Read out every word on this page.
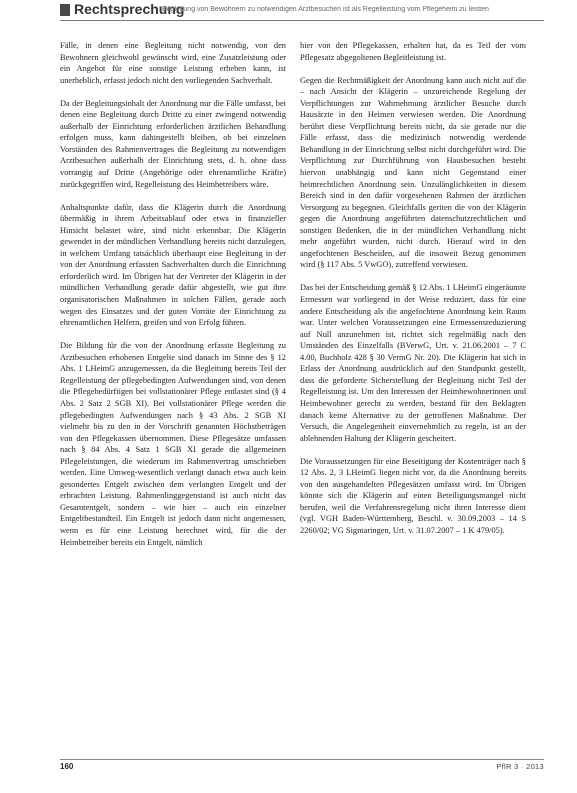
Rechtsprechung
Begleitung von Bewohnern zu notwendigen Arztbesuchen ist als Regelleistung vom Pflegeheim zu leisten

Fälle, in denen eine Begleitung nicht notwendig, von den Bewohnern gleichwohl gewünscht wird, eine Zusatzleistung oder ein Angebot für eine sonstige Leistung erheben kann, ist unerheblich, erfasst jedoch nicht den vorliegenden Sachverhalt.

Da der Begleitungsinhalt der Anordnung nur die Fälle umfasst, bei denen eine Begleitung durch Dritte zu einer zwingend notwendig außerhalb der Einrichtung erforderlichen ärztlichen Behandlung erfolgen muss, kann dahingestellt bleiben, ob bei einzelnen Vorständen des Rahmenvertrages die Begleitung zu notwendigen Arztbesuchen außerhalb der Einrichtung stets, d. h. ohne dass vorrangig auf Dritte (Angehörige oder ehrenamtliche Kräfte) zurückgegriffen wird, Regelleistung des Heimbetreibers wäre.

Anhaltspunkte dafür, dass die Klägerin durch die Anordnung übermäßig in ihrem Arbeitsablauf oder etwa in finanzieller Hinsicht belastet wäre, sind nicht erkennbar. Die Klägerin gewendet in der mündlichen Verhandlung bereits nicht darzulegen, in welchem Umfang tatsächlich überhaupt eine Begleitung in der von der Anordnung erfassten Sachverhalten durch die Einrichtung erforderlich wird. Im Übrigen hat der Vertreter der Klägerin in der mündlichen Verhandlung gerade dafür abgestellt, wie gut ihre organisatorischen Maßnahmen in solchen Fällen, gerade auch wegen des Einsatzes und der guten Vorräte der Einrichtung zu ehrenamtlichen Helfern, greifen und von Erfolg führen.

Die Bildung für die von der Anordnung erfasste Begleitung zu Arztbesuchen erhobenen Entgelte sind danach im Sinne des § 12 Abs. 1 LHeimG anzugemessen, da die Begleitung bereits Teil der Regelleistung der pflegebedingten Aufwendungen sind, von denen die Pflegebedürftigen bei vollstationärer Pflege entlastet sind (§ 4 Abs. 2 Satz 2 SGB XI). Bei vollstationärer Pflege werden die pflegebedingten Aufwendungen nach § 43 Abs. 2 SGB XI vielmehr bis zu den in der Vorschrift genannten Höchstbeträgen von den Pflegekassen übernommen. Diese Pflegesätze umfassen nach § 84 Abs. 4 Satz 1 SGB XI gerade die allgemeinen Pflegeleistungen, die wiederum im Rahmenvertrag umschrieben werden. Eine Umweg-wesentlich verlangt danach etwa auch kein gesondertes Entgelt zwischen dem verlangten Entgelt und der erbrachten Leistung. Rahmenlinggegenstand ist auch nicht das Gesamtentgelt, sondern – wie hier – auch ein einzelner Entgeltbestandteil. Ein Entgelt ist jedoch dann nicht angemessen, wenn es für eine Leistung berechnet wird, für die der Heimbetreiber bereits ein Entgelt, nämlich

hier von den Pflegekassen, erhalten hat, da es Teil der vom Pflegesatz abgegoltenen Begleitleistung ist.

Gegen die Rechtmäßigkeit der Anordnung kann auch nicht auf die – nach Ansicht der Klägerin – unzureichende Regelung der Verpflichtungen zur Wahrnehmung ärztlicher Besuche durch Hausärzte in den Heimen verwiesen werden. Die Anordnung berührt diese Verpflichtung bereits nicht, da sie gerade nur die Fälle erfasst, dass die medizinisch notwendig werdende Behandlung in der Einrichtung selbst nicht durchgeführt wird. Die Verpflichtung zur Durchführung von Hausbesuchen besteht hiervon unabhängig und kann nicht Gegenstand einer heimrechtlichen Anordnung sein. Unzulänglichkeiten in diesem Bereich sind in den dafür vorgesehenen Rahmen der ärztlichen Versorgung zu begegnen. Gleichfalls geriten die von der Klägerin gegen die Anordnung angeführten datenschutzrechtlichen und sonstigen Bedenken, die in der mündlichen Verhandlung nicht mehr angeführt wurden, nicht durch. Hierauf wird in den angefochtenen Bescheiden, auf die insoweit Bezug genommen wird (§ 117 Abs. 5 VwGO), zutreffend verwiesen.

Das bei der Entscheidung gemäß § 12 Abs. 1 LHeimG eingeräumte Ermessen war vorliegend in der Weise reduziert, dass für eine andere Entscheidung als die angefochtene Anordnung kein Raum war. Unter welchen Voraussetzungen eine Ermessensreduzierung auf Null anzunehmen ist, richtet sich regelmäßig nach den Umständen des Einzelfalls (BVerwG, Urt. v. 21.06.2001 – 7 C 4.00, Buchholz 428 § 30 VermG Nr. 20). Die Klägerin hat sich in Erlass der Anordnung ausdrücklich auf den Standpunkt gestellt, dass die geforderte Sicherstellung der Begleitung nicht Teil der Regelleistung ist. Um den Interessen der Heimbewohnerinnen und Heimbewohner gerecht zu werden, bestand für den Beklagten danach keine Alternative zu der getroffenen Maßnahme. Der Versuch, die Angelegenheit einvernehmlich zu regeln, ist an der ablehnenden Haltung der Klägerin gescheitert.

Die Voraussetzungen für eine Beseitigung der Kostenträger nach § 12 Abs. 2, 3 LHeimG liegen nicht vor, da die Anordnung bereits von den ausgehandelten Pflegesätzen umfasst wird. Im Übrigen könnte sich die Klägerin auf einen Beteiligungsmangel nicht berufen, weil die Verfahrensregelung nicht ihren Interesse dient (vgl. VGH Baden-Württemberg, Beschl. v. 30.09.2003 – 14 S 2260/02; VG Sigmaringen, Urt. v. 31.07.2007 – 1 K 479/05).

160	PflR 3 · 2013
